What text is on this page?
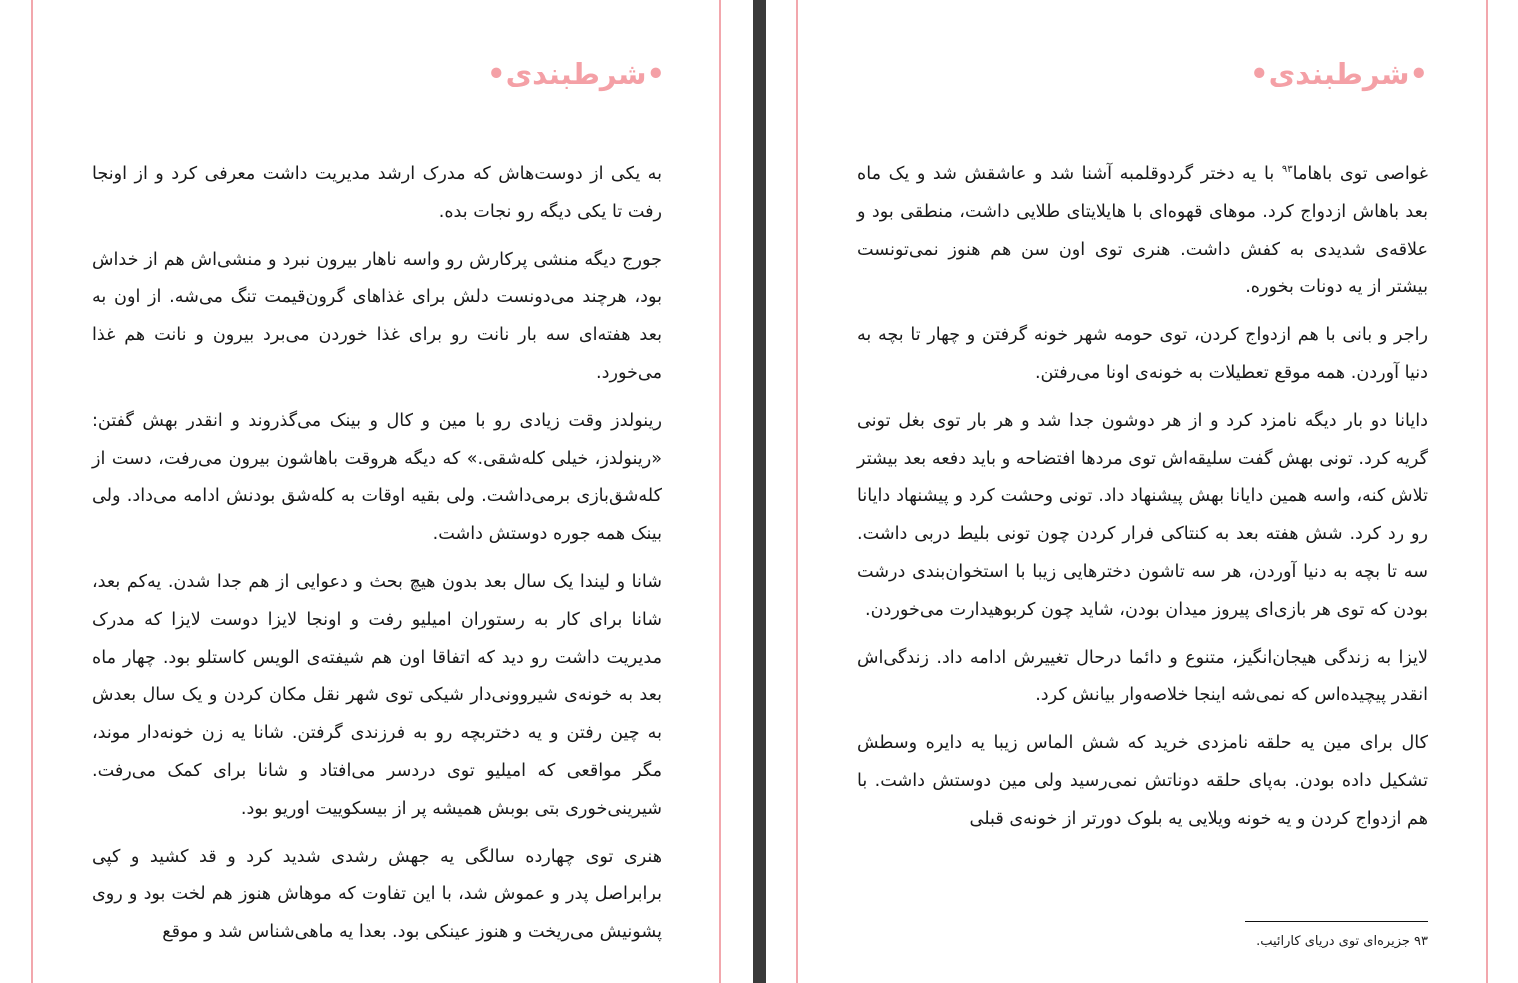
•شرطبندی•

به یکی از دوست‌هاش که مدرک ارشد مدیریت داشت معرفی کرد و از اونجا رفت تا یکی دیگه رو نجات بده.

جورج دیگه منشی پرکارش رو واسه ناهار بیرون نبرد و منشی‌اش هم از خداش بود، هرچند می‌دونست دلش برای غذاهای گرون‌قیمت تنگ می‌شه. از اون به بعد هفته‌ای سه بار نانت رو برای غذا خوردن می‌برد بیرون و نانت هم غذا می‌خورد.

رینولدز وقت زیادی رو با مین و کال و بینک می‌گذروند و انقدر بهش گفتن: «رینولدز، خیلی کله‌شقی.» که دیگه هروقت باهاشون بیرون می‌رفت، دست از کله‌شق‌بازی برمی‌داشت. ولی بقیه اوقات به کله‌شق بودنش ادامه می‌داد. ولی بینک همه جوره دوستش داشت.

شانا و لیندا یک سال بعد بدون هیچ بحث و دعوایی از هم جدا شدن. یه‌کم بعد، شانا برای کار به رستوران امیلیو رفت و اونجا لایزا دوست لایزا که مدرک مدیریت داشت رو دید که اتفاقا اون هم شیفته‌ی الویس کاستلو بود. چهار ماه بعد به خونه‌ی شیروونی‌دار شیکی توی شهر نقل مکان کردن و یک سال بعدش به چین رفتن و یه دختربچه رو به فرزندی گرفتن. شانا یه زن خونه‌دار موند، مگر مواقعی که امیلیو توی دردسر می‌افتاد و شانا برای کمک می‌رفت. شیرینی‌خوری بتی بوبش همیشه پر از بیسکوییت اوریو بود.

هنری توی چهارده سالگی یه جهش رشدی شدید کرد و قد کشید و کپی برابراصل پدر و عموش شد، با این تفاوت که موهاش هنوز هم لخت بود و روی پشونیش می‌ریخت و هنوز عینکی بود. بعدا یه ماهی‌شناس شد و موقع

•شرطبندی•

غواصی توی باهاما$^{۹۳}$ با یه دختر گردوقلمبه آشنا شد و عاشقش شد و یک ماه بعد باهاش ازدواج کرد. موهای قهوه‌ای با هایلایتای طلایی داشت، منطقی بود و علاقه‌ی شدیدی به کفش داشت. هنری توی اون سن هم هنوز نمی‌تونست بیشتر از یه دونات بخوره.

راجر و بانی با هم ازدواج کردن، توی حومه شهر خونه گرفتن و چهار تا بچه به دنیا آوردن. همه موقع تعطیلات به خونه‌ی اونا می‌رفتن.

دایانا دو بار دیگه نامزد کرد و از هر دوشون جدا شد و هر بار توی بغل تونی گریه کرد. تونی بهش گفت سلیقه‌اش توی مردها افتضاحه و باید دفعه بعد بیشتر تلاش کنه، واسه همین دایانا بهش پیشنهاد داد. تونی وحشت کرد و پیشنهاد دایانا رو رد کرد. شش هفته بعد به کنتاکی فرار کردن چون تونی بلیط دربی داشت. سه تا بچه به دنیا آوردن، هر سه تاشون دخترهایی زیبا با استخوان‌بندی درشت بودن که توی هر بازی‌ای پیروز میدان بودن، شاید چون کربوهیدارت می‌خوردن.

لایزا به زندگی هیجان‌انگیز، متنوع و دائما درحال تغییرش ادامه داد. زندگی‌اش انقدر پیچیده‌اس که نمی‌شه اینجا خلاصه‌وار بیانش کرد.

کال برای مین یه حلقه نامزدی خرید که شش الماس زیبا یه دایره وسطش تشکیل داده بودن. به‌پای حلقه دوناتش نمی‌رسید ولی مین دوستش داشت. با هم ازدواج کردن و یه خونه ویلایی یه بلوک دورتر از خونه‌ی قبلی

۹۳ جزیره‌ای توی دریای کارائیب.
